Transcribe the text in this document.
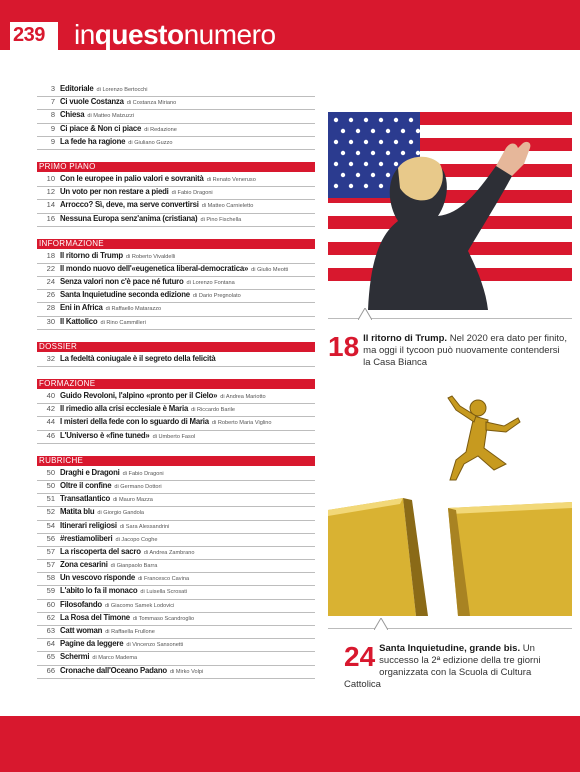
239 inquestonumero
3 Editoriale di Lorenzo Bertocchi
7 Ci vuole Costanza di Costanza Miriano
8 Chiesa di Matteo Matzuzzi
9 Ci piace & Non ci piace di Redazione
9 La fede ha ragione di Giuliano Guzzo
PRIMO PIANO
10 Con le europee in palio valori e sovranità di Renato Veneruso
12 Un voto per non restare a piedi di Fabio Dragoni
14 Arrocco? Sì, deve, ma serve convertirsi di Matteo Carnieletto
16 Nessuna Europa senz'anima (cristiana) di Pino Fischella
INFORMAZIONE
18 Il ritorno di Trump di Roberto Vivaldelli
22 Il mondo nuovo dell'«eugenetica liberal-democratica» di Giulio Meotti
24 Senza valori non c'è pace né futuro di Lorenzo Fontana
26 Santa Inquietudine seconda edizione di Dario Pregnolato
28 Eni in Africa di Raffaello Matarazzo
30 Il Kattolico di Rino Cammilleri
DOSSIER
32 La fedeltà coniugale è il segreto della felicità
FORMAZIONE
40 Guido Revoloni, l'alpino «pronto per il Cielo» di Andrea Mariotto
42 Il rimedio alla crisi ecclesiale è Maria di Riccardo Barile
44 I misteri della fede con lo sguardo di Maria di Roberto Maria Viglino
46 L'Universo è «fine tuned» di Umberto Fasol
RUBRICHE
50 Draghi e Dragoni di Fabio Dragoni
50 Oltre il confine di Germano Dottori
51 Transatlantico di Mauro Mazza
52 Matita blu di Giorgio Gandola
54 Itinerari religiosi di Sara Alessandrini
56 #restiamoliberi di Jacopo Coghe
57 La riscoperta del sacro di Andrea Zambrano
57 Zona cesarini di Gianpaolo Barra
58 Un vescovo risponde di Francesco Cavina
59 L'abito lo fa il monaco di Luisella Scrosati
60 Filosofando di Giacomo Samek Lodovici
62 La Rosa del Timone di Tommaso Scandroglio
63 Catt woman di Raffaella Frullone
64 Pagine da leggere di Vincenzo Sansonetti
65 Schermi di Marco Madema
66 Cronache dall'Oceano Padano di Mirko Volpi
18 Il ritorno di Trump. Nel 2020 era dato per finito, ma oggi il tycoon può nuovamente contendersi la Casa Bianca
24 Santa Inquietudine, grande bis. Un successo la 2ª edizione della tre giorni organizzata con la Scuola di Cultura Cattolica
